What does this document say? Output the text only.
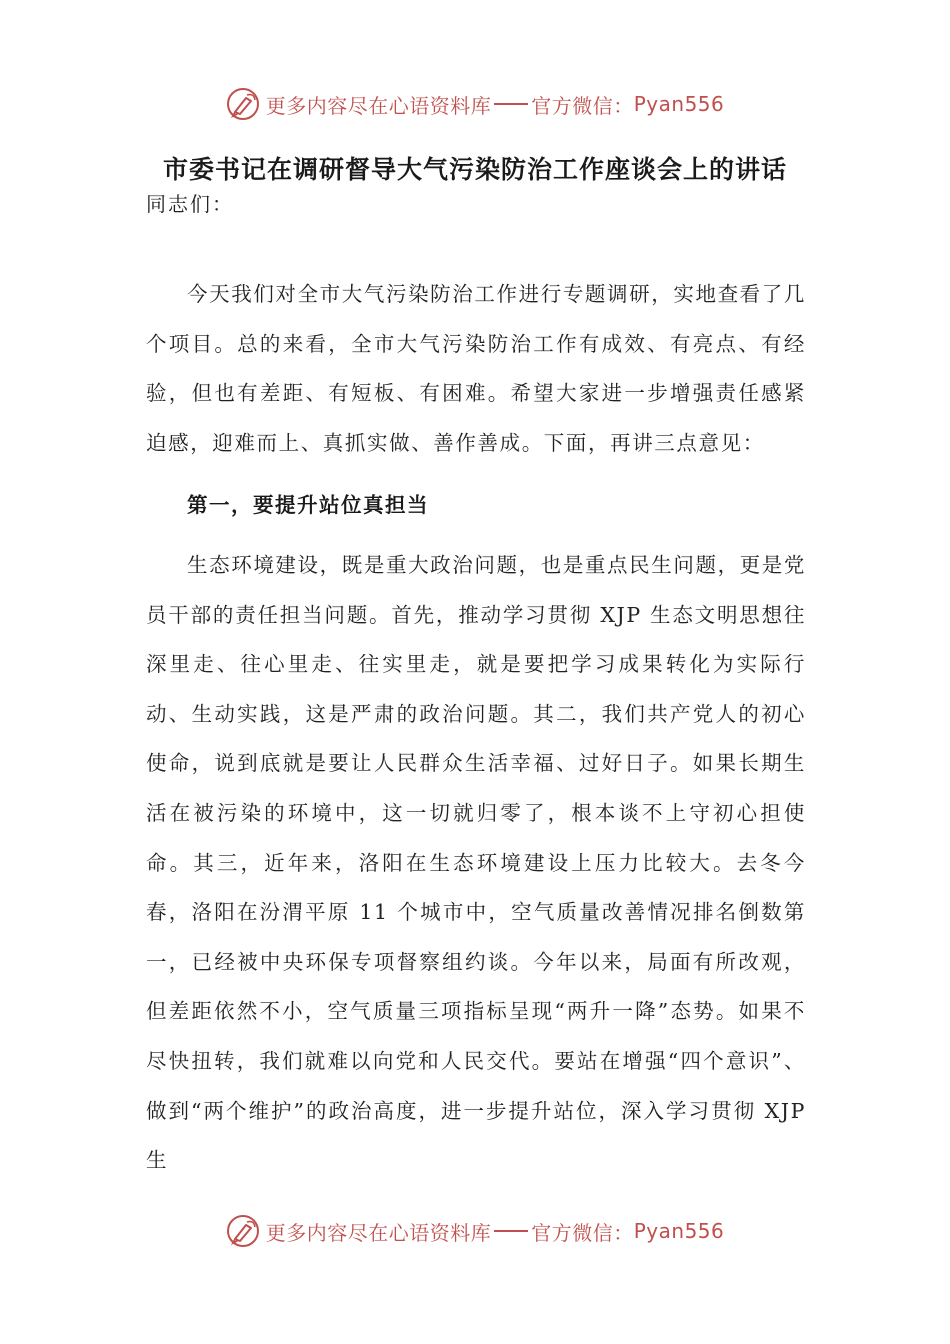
更多内容尽在心语资料库 官方微信： Pyan556
市委书记在调研督导大气污染防治工作座谈会上的讲话
同志们：

今天我们对全市大气污染防治工作进行专题调研，实地查看了几个项目。总的来看，全市大气污染防治工作有成效、有亮点、有经验，但也有差距、有短板、有困难。希望大家进一步增强责任感紧迫感，迎难而上、真抓实做、善作善成。下面，再讲三点意见：

第一，要提升站位真担当

生态环境建设，既是重大政治问题，也是重点民生问题，更是党员干部的责任担当问题。首先，推动学习贯彻 XJP 生态文明思想往深里走、往心里走、往实里走，就是要把学习成果转化为实际行动、生动实践，这是严肃的政治问题。其二，我们共产党人的初心使命，说到底就是要让人民群众生活幸福、过好日子。如果长期生活在被污染的环境中，这一切就归零了，根本谈不上守初心担使命。其三，近年来，洛阳在生态环境建设上压力比较大。去冬今春，洛阳在汾渭平原 11 个城市中，空气质量改善情况排名倒数第一，已经被中央环保专项督察组约谈。今年以来，局面有所改观，但差距依然不小，空气质量三项指标呈现“两升一降”态势。如果不尽快扭转，我们就难以向党和人民交代。要站在增强“四个意识”、做到“两个维护”的政治高度，进一步提升站位，深入学习贯彻 XJP 生

更多内容尽在心语资料库 官方微信： Pyan556
